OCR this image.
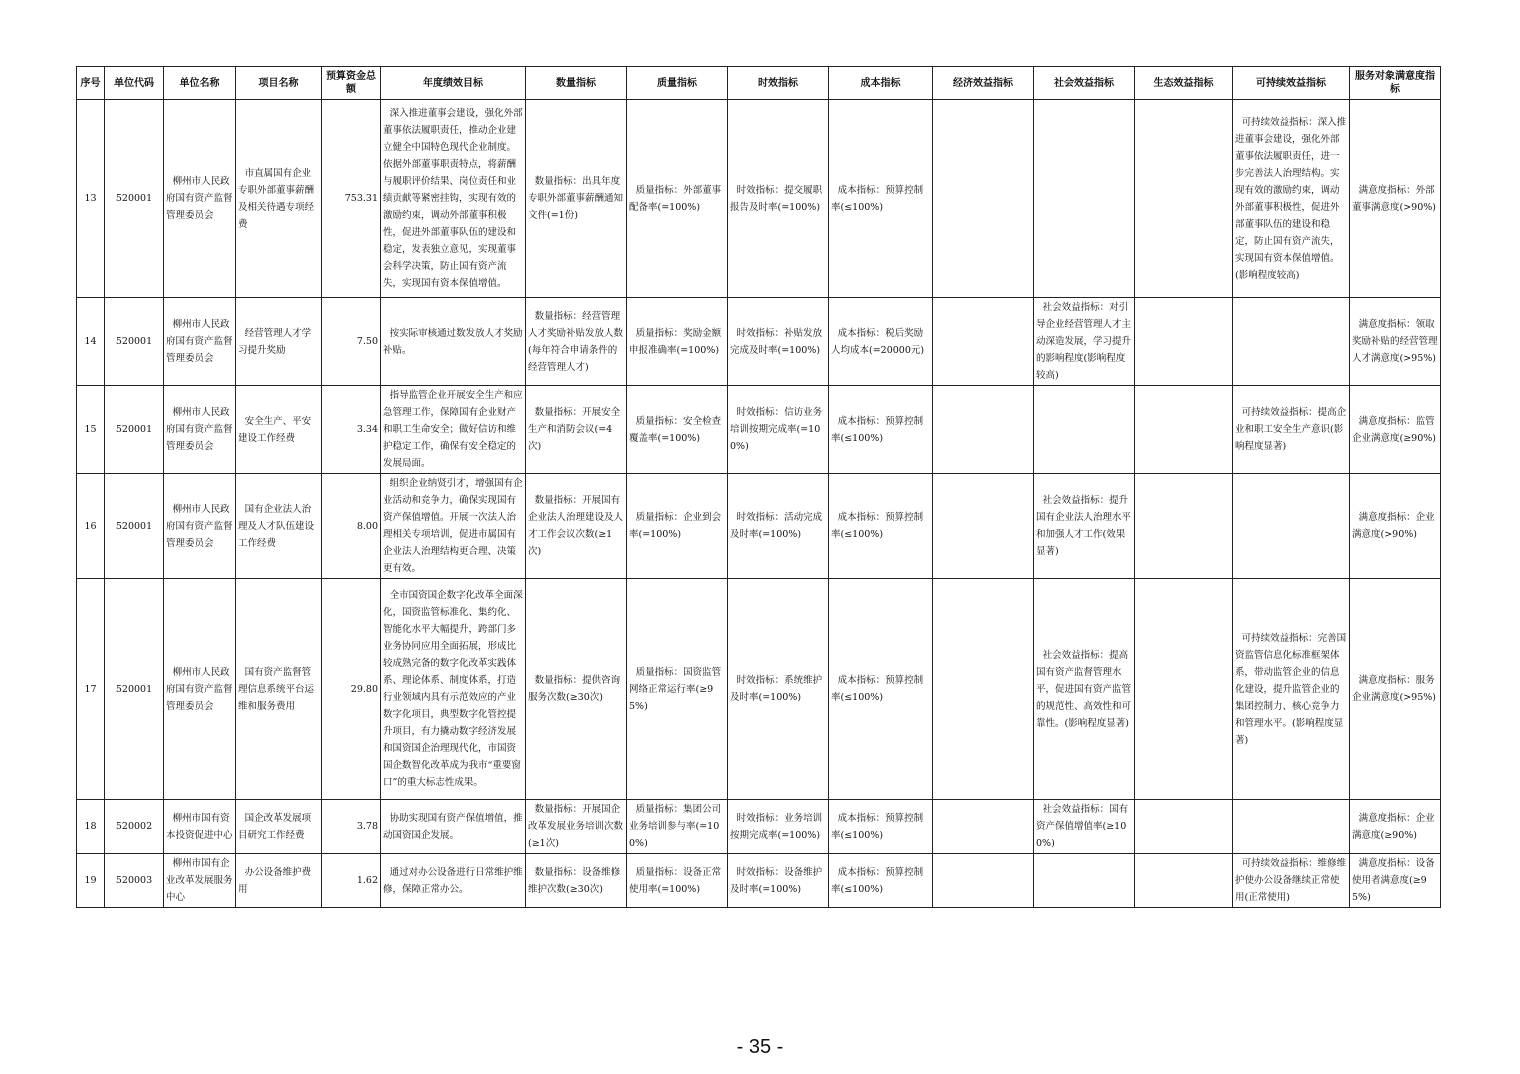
序号	单位代码	单位名称	项目名称	预算资金总额	年度绩效目标	数量指标	质量指标	时效指标	成本指标	经济效益指标	社会效益指标	生态效益指标	可持续效益指标	服务对象满意度指标
13	520001	柳州市人民政府国有资产监督管理委员会	市直属国有企业专职外部董事薪酬及相关待遇专项经费	753.31	深入推进董事会建设，强化外部董事依法履职责任，推动企业建立健全中国特色现代企业制度。依据外部董事职责特点，将薪酬与履职评价结果、岗位责任和业绩贡献等紧密挂钩，实现有效的激励约束，调动外部董事积极性，促进外部董事队伍的建设和稳定，发表独立意见，实现董事会科学决策，防止国有资产流失，实现国有资本保值增值。	数量指标：出具年度专职外部董事薪酬通知文件(=1份)	质量指标：外部董事配备率(=100%)	时效指标：提交履职报告及时率(=100%)	成本指标：预算控制率(≤100%)				可持续效益指标：深入推进董事会建设，强化外部董事依法履职责任，进一步完善法人治理结构。实现有效的激励约束，调动外部董事积极性，促进外部董事队伍的建设和稳定，防止国有资产流失，实现国有资本保值增值。(影响程度较高)	满意度指标：外部董事满意度(>90%)
14	520001	柳州市人民政府国有资产监督管理委员会	经营管理人才学习提升奖励	7.50	按实际审核通过数发放人才奖励补贴。	数量指标：经营管理人才奖励补贴发放人数(每年符合申请条件的经营管理人才)	质量指标：奖励金额申报准确率(=100%)	时效指标：补贴发放完成及时率(=100%)	成本指标：税后奖励人均成本(=20000元)		社会效益指标：对引导企业经营管理人才主动深造发展，学习提升的影响程度(影响程度较高)			满意度指标：领取奖励补贴的经营管理人才满意度(>95%)
15	520001	柳州市人民政府国有资产监督管理委员会	安全生产、平安建设工作经费	3.34	指导监管企业开展安全生产和应急管理工作，保障国有企业财产和职工生命安全；做好信访和维护稳定工作，确保有安全稳定的发展局面。	数量指标：开展安全生产和消防会议(=4次)	质量指标：安全检查覆盖率(=100%)	时效指标：信访业务培训按期完成率(=100%)	成本指标：预算控制率(≤100%)				可持续效益指标：提高企业和职工安全生产意识(影响程度显著)	满意度指标：监管企业满意度(≥90%)
16	520001	柳州市人民政府国有资产监督管理委员会	国有企业法人治理及人才队伍建设工作经费	8.00	组织企业纳贤引才，增强国有企业活动和竞争力，确保实现国有资产保值增值。开展一次法人治理相关专项培训，促进市属国有企业法人治理结构更合理、决策更有效。	数量指标：开展国有企业法人治理建设及人才工作会议次数(≥1次)	质量指标：企业到会率(=100%)	时效指标：活动完成及时率(=100%)	成本指标：预算控制率(≤100%)		社会效益指标：提升国有企业法人治理水平和加强人才工作(效果显著)			满意度指标：企业满意度(>90%)
17	520001	柳州市人民政府国有资产监督管理委员会	国有资产监督管理信息系统平台运维和服务费用	29.80	全市国资国企数字化改革全面深化，国资监管标准化、集约化、智能化水平大幅提升，跨部门多业务协同应用全面拓展，形成比较成熟完备的数字化改革实践体系、理论体系、制度体系，打造行业领域内具有示范效应的产业数字化项目，典型数字化管控提升项目，有力撬动数字经济发展和国资国企治理现代化，市国资国企数智化改革成为我市“重要窗口”的重大标志性成果。	数量指标：提供咨询服务次数(≥30次)	质量指标：国资监管网络正常运行率(≥95%)	时效指标：系统维护及时率(=100%)	成本指标：预算控制率(≤100%)		社会效益指标：提高国有资产监督管理水平，促进国有资产监管的规范性、高效性和可靠性。(影响程度显著)		可持续效益指标：完善国资监管信息化标准框架体系，带动监管企业的信息化建设，提升监管企业的集团控制力、核心竞争力和管理水平。(影响程度显著)	满意度指标：服务企业满意度(>95%)
18	520002	柳州市国有资本投资促进中心	国企改革发展项目研究工作经费	3.78	协助实现国有资产保值增值，推动国资国企发展。	数量指标：开展国企改革发展业务培训次数(≥1次)	质量指标：集团公司业务培训参与率(=100%)	时效指标：业务培训按期完成率(=100%)	成本指标：预算控制率(≤100%)		社会效益指标：国有资产保值增值率(≥100%)			满意度指标：企业满意度(≥90%)
19	520003	柳州市国有企业改革发展服务中心	办公设备维护费用	1.62	通过对办公设备进行日常维护维修，保障正常办公。	数量指标：设备维修维护次数(≥30次)	质量指标：设备正常使用率(=100%)	时效指标：设备维护及时率(=100%)	成本指标：预算控制率(≤100%)				可持续效益指标：维修维护使办公设备继续正常使用(正常使用)	满意度指标：设备使用者满意度(≥95%)
- 35 -
